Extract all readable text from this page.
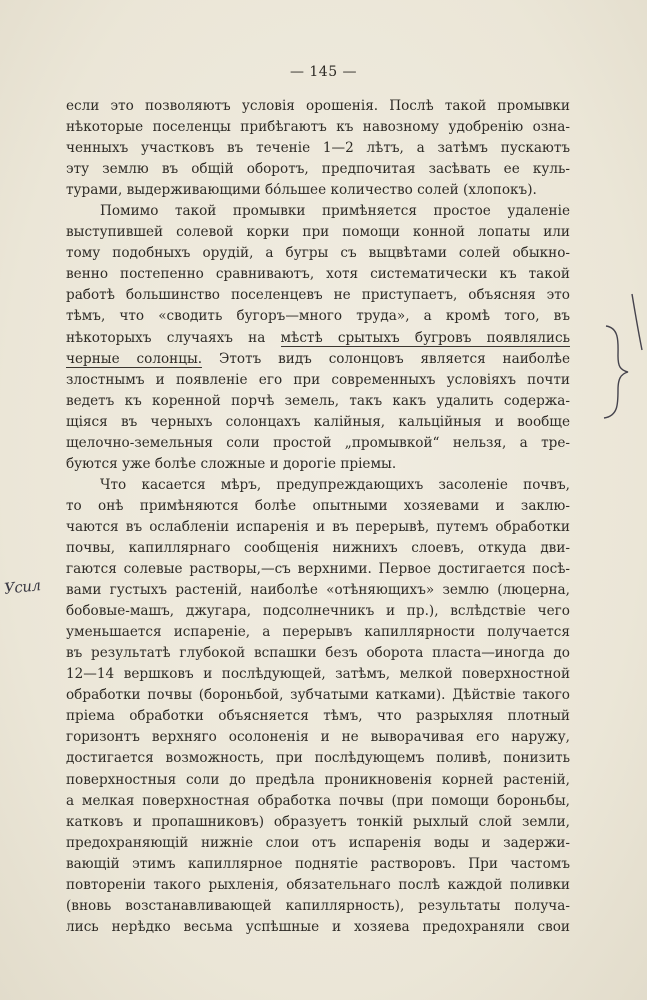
— 145 —
если это позволяютъ условія орошенія. Послѣ такой промывки
нѣкоторые поселенцы прибѣгаютъ къ навозному удобренію озна-
ченныхъ участковъ въ теченіе 1—2 лѣтъ, а затѣмъ пускаютъ
эту землю въ общій оборотъ, предпочитая засѣвать ее куль-
турами, выдерживающими бо́льшее количество солей (хлопокъ).
Помимо такой промывки примѣняется простое удаленіе
выступившей солевой корки при помощи конной лопаты или
тому подобныхъ орудій, а бугры съ выцвѣтами солей обыкно-
венно постепенно сравниваютъ, хотя систематически къ такой
работѣ большинство поселенцевъ не приступаетъ, объясняя это
тѣмъ, что «сводить бугоръ—много труда», а кромѣ того, въ
нѣкоторыхъ случаяхъ на мѣстѣ срытыхъ бугровъ появлялись
черные солонцы. Этотъ видъ солонцовъ является наиболѣе
злостнымъ и появленіе его при современныхъ условіяхъ почти
ведетъ къ коренной порчѣ земель, такъ какъ удалить содержа-
щіяся въ черныхъ солонцахъ калійныя, кальційныя и вообще
щелочно-земельныя соли простой „промывкой“ нельзя, а тре-
буются уже болѣе сложные и дорогіе пріемы.
Что касается мѣръ, предупреждающихъ засоленіе почвъ,
то онѣ примѣняются болѣе опытными хозяевами и заклю-
чаются въ ослабленіи испаренія и въ перерывѣ, путемъ обработки
почвы, капиллярнаго сообщенія нижнихъ слоевъ, откуда дви-
гаются солевые растворы,—съ верхними. Первое достигается посѣ-
вами густыхъ растеній, наиболѣе «отѣняющихъ» землю (люцерна,
бобовые-машъ, джугара, подсолнечникъ и пр.), вслѣдствіе чего
уменьшается испареніе, а перерывъ капиллярности получается
въ результатѣ глубокой вспашки безъ оборота пласта—иногда до
12—14 вершковъ и послѣдующей, затѣмъ, мелкой поверхностной
обработки почвы (бороньбой, зубчатыми катками). Дѣйствіе такого
пріема обработки объясняется тѣмъ, что разрыхляя плотный
горизонтъ верхняго осолоненія и не выворачивая его наружу,
достигается возможность, при послѣдующемъ поливѣ, понизить
поверхностныя соли до предѣла проникновенія корней растеній,
а мелкая поверхностная обработка почвы (при помощи бороньбы,
катковъ и пропашниковъ) образуетъ тонкій рыхлый слой земли,
предохраняющій нижніе слои отъ испаренія воды и задержи-
вающій этимъ капиллярное поднятіе растворовъ. При частомъ
повтореніи такого рыхленія, обязательнаго послѣ каждой поливки
(вновь возстанавливающей капиллярность), результаты получа-
лись нерѣдко весьма успѣшные и хозяева предохраняли свои
Усил
